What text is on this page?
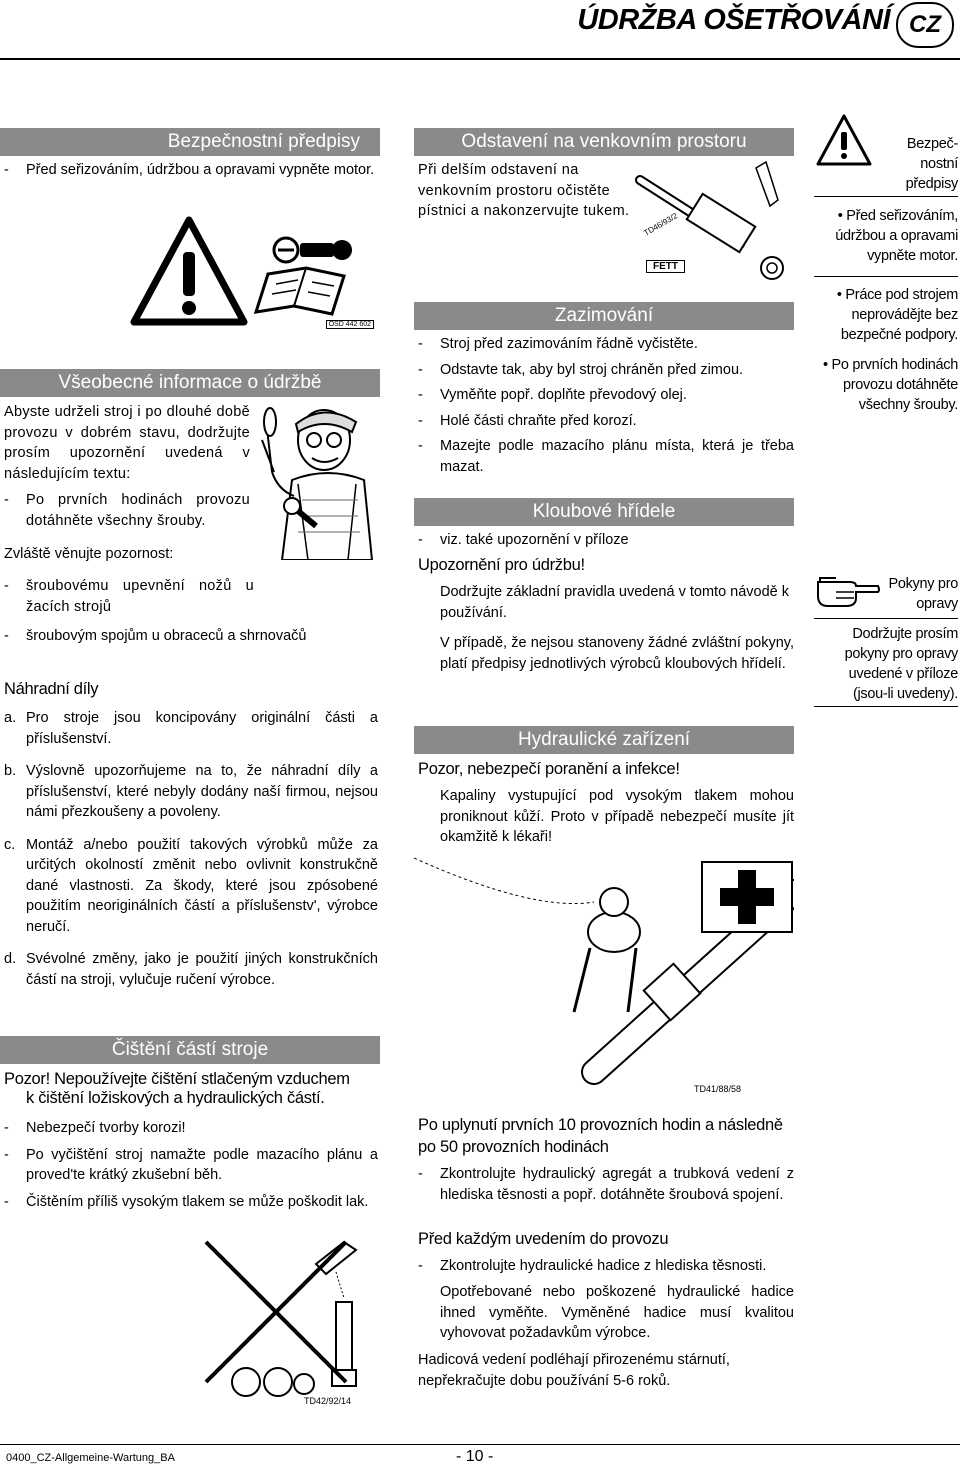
ÚDRŽBA OŠETŘOVÁNÍ CZ
Bezpečnostní předpisy
-	Před seřizováním, údržbou a opravami vypněte motor.
OSD 442 602
Všeobecné informace o údržbě

Abyste udrželi stroj i po dlouhé době provozu v dobrém stavu, dodržujte prosím upozornění uvedená v následujícím textu:

-	Po prvních hodinách provozu dotáhněte všechny šrouby.
Zvláště věnujte pozornost:
-	šroubovému upevnění nožů u žacích strojů
-	šroubovým spojům u obraceců a shrnovačů
Náhradní díly
a. Pro stroje jsou koncipovány originální části a příslušenství.
b. Výslovně upozorňujeme na to, že náhradní díly a příslušenství, které nebyly dodány naší firmou, nejsou námi přezkoušeny a povoleny.
c. Montáž a/nebo použití takových výrobků může za určitých okolností změnit nebo ovlivnit konstrukčně dané vlastnosti. Za škody, které jsou zpósobené použitím neoriginálních částí a příslušenstv', výrobce neručí.
d. Svévolné změny, jako je použití jiných konstrukčních částí na stroji, vylučuje ručení výrobce.
Čištění částí stroje
Pozor! Nepoužívejte čištění stlačeným vzduchem
k čištění ložiskových a hydraulických částí.
-	Nebezpečí tvorby korozi!
-	Po vyčištění stroj namažte podle mazacího plánu a proved'te krátký zkušební běh.
-	Čištěním příliš vysokým tlakem se může poškodit lak.
TD42/92/14
Odstavení na venkovním prostoru
Při delším odstavení na venkovním prostoru očistěte pístnici a nakonzervujte tukem.
TD46/93/2
FETT
Zazimování
-	Stroj před zazimováním řádně vyčistěte.
-	Odstavte tak, aby byl stroj chráněn před zimou.
-	Vyměňte popř. doplňte převodový olej.
-	Holé části chraňte před korozí.
-	Mazejte podle mazacího plánu místa, která je třeba mazat.
Kloubové hřídele
-	viz. také upozornění v příloze
Upozornění pro údržbu!

Dodržujte základní pravidla uvedená v tomto návodě k používání.

V případě, že nejsou stanoveny žádné zvláštní pokyny, platí předpisy jednotlivých výrobců kloubových hřídelí.

Hydraulické zařízení
Pozor, nebezpečí poranění a infekce!
Kapaliny vystupující pod vysokým tlakem mohou proniknout kůží. Proto v případě nebezpečí musíte jít okamžitě k lékaři!
TD41/88/58
Po uplynutí prvních 10 provozních hodin a následně po 50 provozních hodinách
-	Zkontrolujte hydraulický agregát a trubková vedení z hlediska těsnosti a popř. dotáhněte šroubová spojení.
Před každým uvedením do provozu
-	Zkontrolujte hydraulické hadice z hlediska těsnosti.
Opotřebované nebo poškozené hydraulické hadice ihned vyměňte. Vyměněné hadice musí kvalitou vyhovovat požadavkům výrobce.
Hadicová vedení podléhají přirozenému stárnutí, nepřekračujte dobu používání 5-6 roků.
Bezpeč-
nostní
předpisy

• Před seřizováním, údržbou a opravami vypněte motor.

• Práce pod strojem neprovádějte bez bezpečné podpory.

• Po prvních hodinách provozu dotáhněte všechny šrouby.

Pokyny pro
opravy
Dodržujte prosím pokyny pro opravy uvedené v příloze (jsou-li uvedeny).
0400_CZ-Allgemeine-Wartung_BA	- 10 -
